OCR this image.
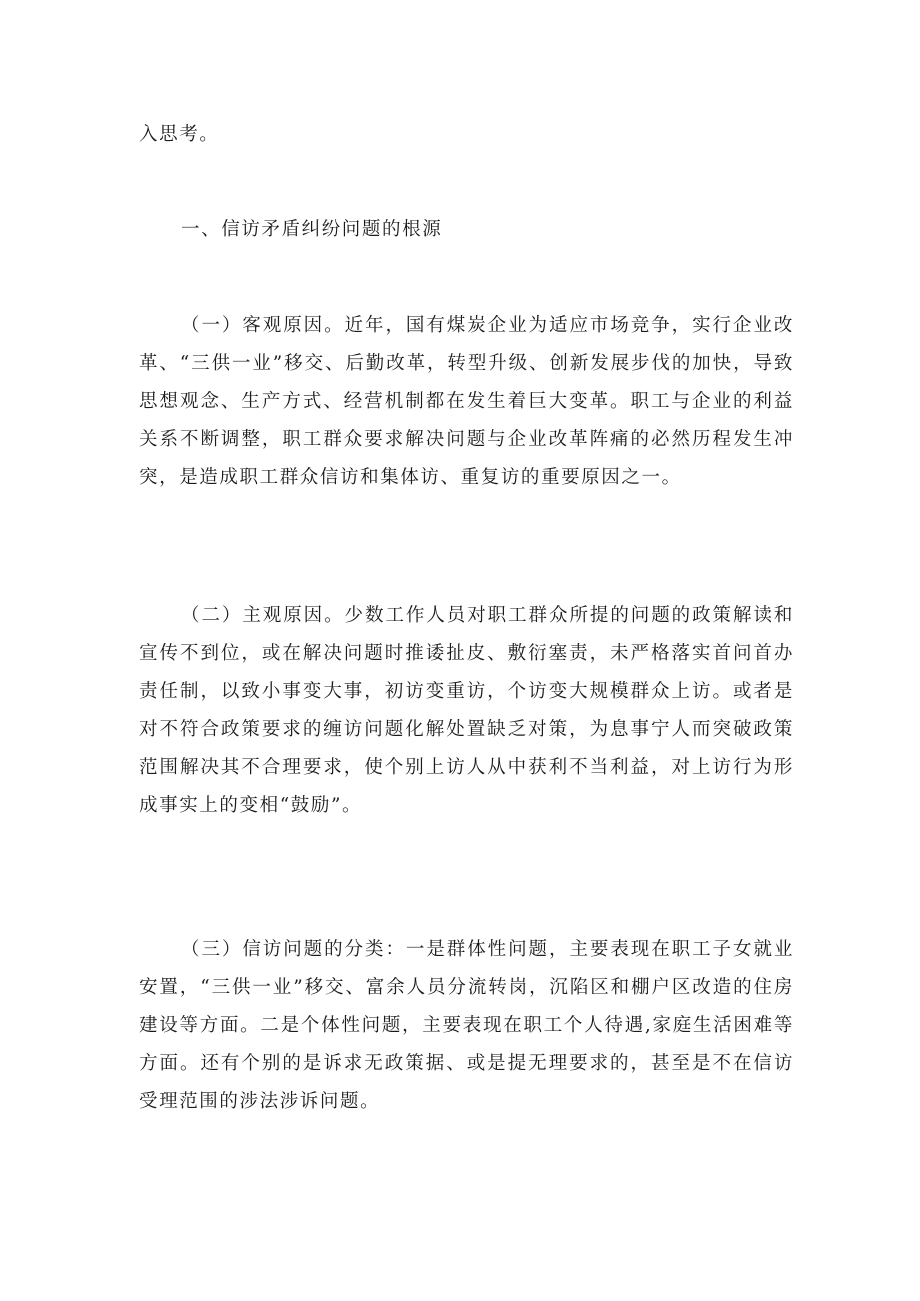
入思考。

一、信访矛盾纠纷问题的根源

（一）客观原因。近年，国有煤炭企业为适应市场竞争，实行企业改革、“三供一业”移交、后勤改革，转型升级、创新发展步伐的加快，导致思想观念、生产方式、经营机制都在发生着巨大变革。职工与企业的利益关系不断调整，职工群众要求解决问题与企业改革阵痛的必然历程发生冲突，是造成职工群众信访和集体访、重复访的重要原因之一。

（二）主观原因。少数工作人员对职工群众所提的问题的政策解读和宣传不到位，或在解决问题时推诿扯皮、敷衍塞责，未严格落实首问首办责任制，以致小事变大事，初访变重访，个访变大规模群众上访。或者是对不符合政策要求的缠访问题化解处置缺乏对策，为息事宁人而突破政策范围解决其不合理要求，使个别上访人从中获利不当利益，对上访行为形成事实上的变相“鼓励”。

（三）信访问题的分类：一是群体性问题，主要表现在职工子女就业安置，“三供一业”移交、富余人员分流转岗，沉陷区和棚户区改造的住房建设等方面。二是个体性问题，主要表现在职工个人待遇,家庭生活困难等方面。还有个别的是诉求无政策据、或是提无理要求的，甚至是不在信访受理范围的涉法涉诉问题。
